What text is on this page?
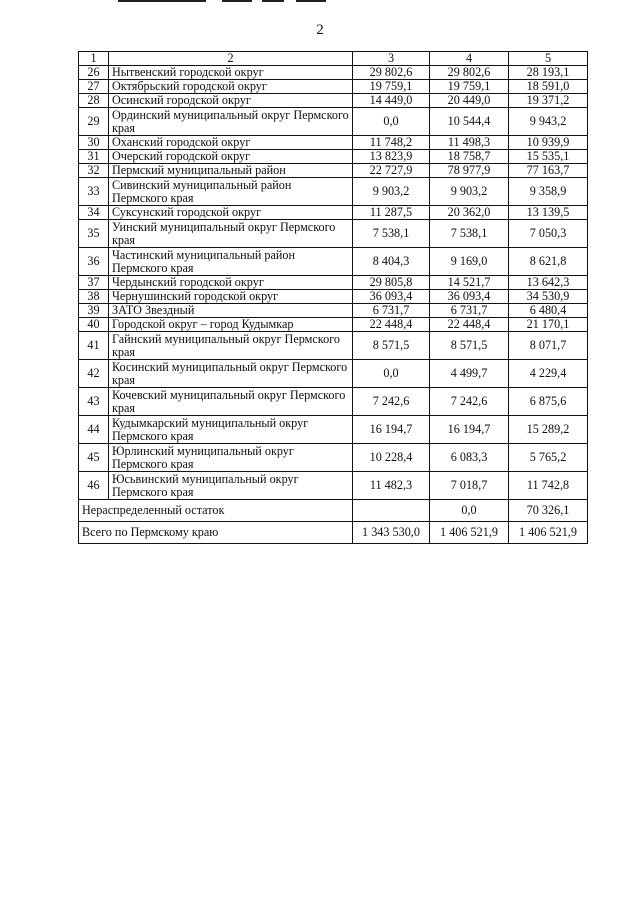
2
1	2	3	4	5
26	Нытвенский городской округ	29 802,6	29 802,6	28 193,1
27	Октябрьский городской округ	19 759,1	19 759,1	18 591,0
28	Осинский городской округ	14 449,0	20 449,0	19 371,2
29	Ординский муниципальный округ Пермского края	0,0	10 544,4	9 943,2
30	Оханский городской округ	11 748,2	11 498,3	10 939,9
31	Очерский городской округ	13 823,9	18 758,7	15 535,1
32	Пермский муниципальный район	22 727,9	78 977,9	77 163,7
33	Сивинский муниципальный район Пермского края	9 903,2	9 903,2	9 358,9
34	Суксунский городской округ	11 287,5	20 362,0	13 139,5
35	Уинский муниципальный округ Пермского края	7 538,1	7 538,1	7 050,3
36	Частинский муниципальный район Пермского края	8 404,3	9 169,0	8 621,8
37	Чердынский городской округ	29 805,8	14 521,7	13 642,3
38	Чернушинский городской округ	36 093,4	36 093,4	34 530,9
39	ЗАТО Звездный	6 731,7	6 731,7	6 480,4
40	Городской округ – город Кудымкар	22 448,4	22 448,4	21 170,1
41	Гайнский муниципальный округ Пермского края	8 571,5	8 571,5	8 071,7
42	Косинский муниципальный округ Пермского края	0,0	4 499,7	4 229,4
43	Кочевский муниципальный округ Пермского края	7 242,6	7 242,6	6 875,6
44	Кудымкарский муниципальный округ Пермского края	16 194,7	16 194,7	15 289,2
45	Юрлинский муниципальный округ Пермского края	10 228,4	6 083,3	5 765,2
46	Юсьвинский муниципальный округ Пермского края	11 482,3	7 018,7	11 742,8
Нераспределенный остаток			0,0	70 326,1
Всего по Пермскому краю		1 343 530,0	1 406 521,9	1 406 521,9
